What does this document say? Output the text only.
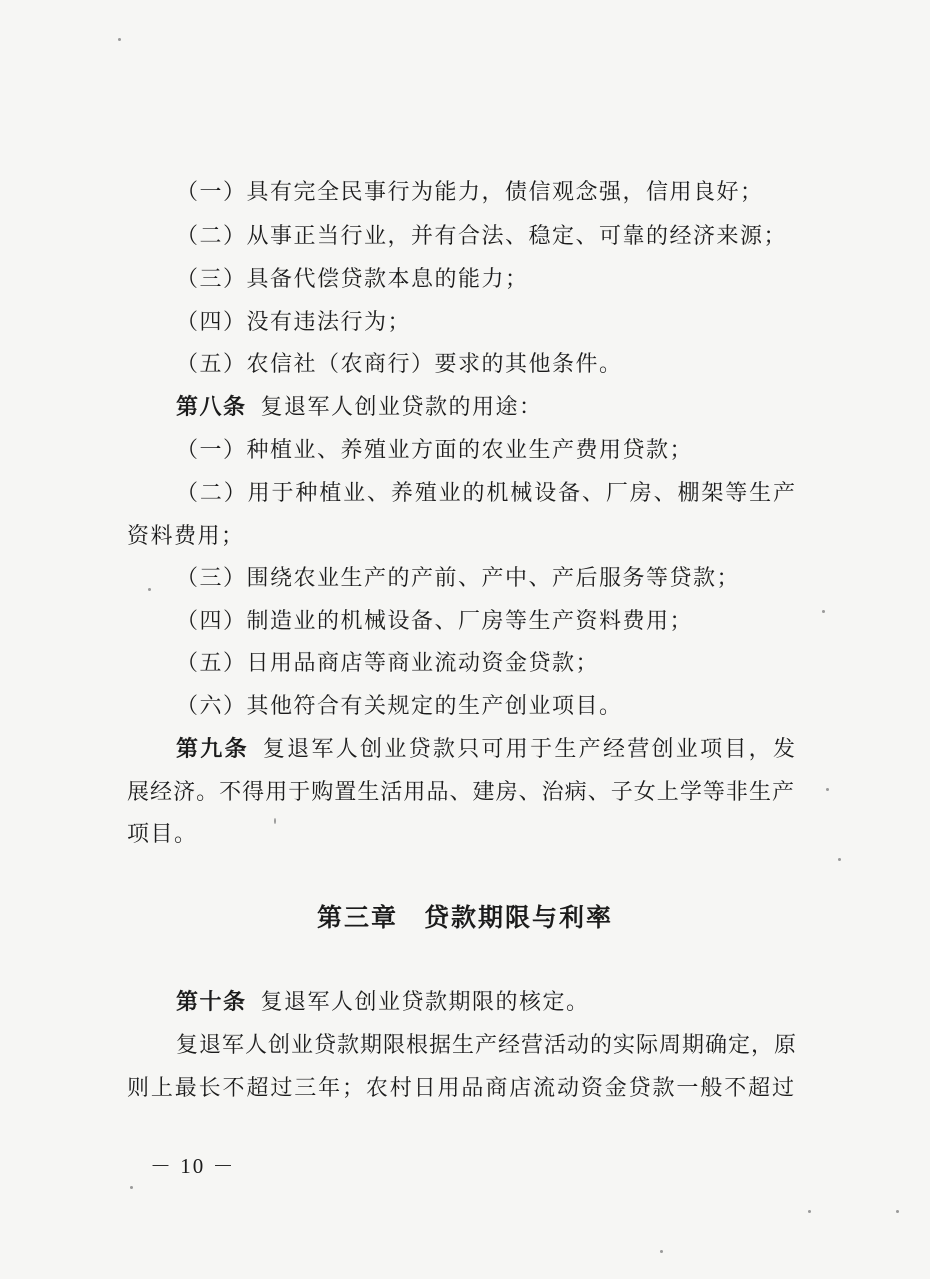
（一）具有完全民事行为能力，债信观念强，信用良好；
（二）从事正当行业，并有合法、稳定、可靠的经济来源；
（三）具备代偿贷款本息的能力；
（四）没有违法行为；
（五）农信社（农商行）要求的其他条件。
第八条 复退军人创业贷款的用途：
（一）种植业、养殖业方面的农业生产费用贷款；
（二）用于种植业、养殖业的机械设备、厂房、棚架等生产
资料费用；
（三）围绕农业生产的产前、产中、产后服务等贷款；
（四）制造业的机械设备、厂房等生产资料费用；
（五）日用品商店等商业流动资金贷款；
（六）其他符合有关规定的生产创业项目。
第九条 复退军人创业贷款只可用于生产经营创业项目，发
展经济。不得用于购置生活用品、建房、治病、子女上学等非生产
项目。
第三章 贷款期限与利率
第十条 复退军人创业贷款期限的核定。
复退军人创业贷款期限根据生产经营活动的实际周期确定，原
则上最长不超过三年；农村日用品商店流动资金贷款一般不超过
－ 10 －
